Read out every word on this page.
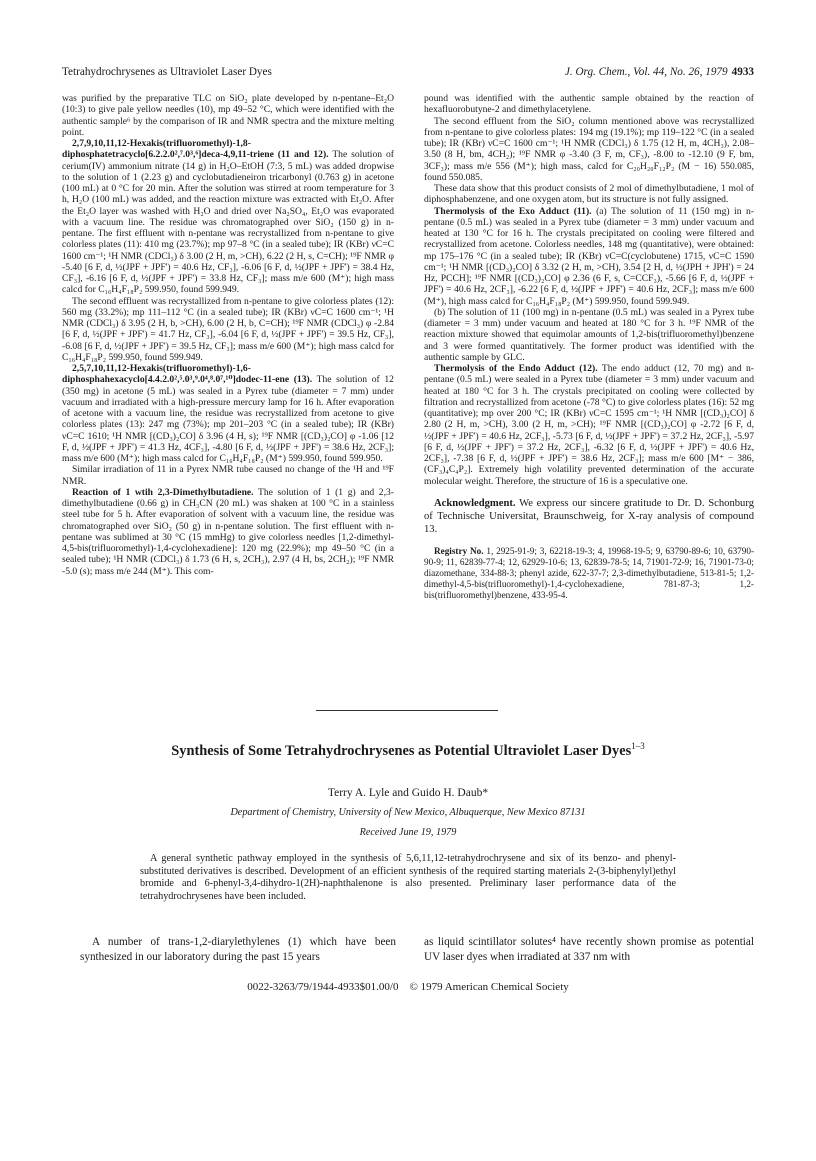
Tetrahydrochrysenes as Ultraviolet Laser Dyes	J. Org. Chem., Vol. 44, No. 26, 1979 4933

was purified by the preparative TLC on SiO₂ plate developed by n-pentane–Et₂O (10:3) to give pale yellow needles (10), mp 49–52 °C, which were identified with the authentic sample⁶ by the comparison of IR and NMR spectra and the mixture melting point.

2,7,9,10,11,12-Hexakis(trifluoromethyl)-1,8-diphosphatetracyclo[6.2.2.0²,⁷.0³,⁶]deca-4,9,11-triene (11 and 12). The solution of cerium(IV) ammonium nitrate (14 g) in H₂O–EtOH (7:3, 5 mL) was added dropwise to the solution of 1 (2.23 g) and cyclobutadieneiron tricarbonyl (0.763 g) in acetone (100 mL) at 0 °C for 20 min. After the solution was stirred at room temperature for 3 h, H₂O (100 mL) was added, and the reaction mixture was extracted with Et₂O. After the Et₂O layer was washed with H₂O and dried over Na₂SO₄, Et₂O was evaporated with a vacuum line. The residue was chromatographed over SiO₂ (150 g) in n-pentane. The first effluent with n-pentane was recrystallized from n-pentane to give colorless plates (11): 410 mg (23.7%); mp 97–8 °C (in a sealed tube); IR (KBr) νC=C 1600 cm⁻¹; ¹H NMR (CDCl₃) δ 3.00 (2 H, m, >CH), 6.22 (2 H, s, C=CH); ¹⁹F NMR φ -5.40 [6 F, d, ½(JPF + JPF') = 40.6 Hz, CF₃], -6.06 [6 F, d, ½(JPF + JPF') = 38.4 Hz, CF₃], -6.16 [6 F, d, ½(JPF + JPF') = 33.8 Hz, CF₃]; mass m/e 600 (M⁺); high mass calcd for C₁₆H₄F₁₈P₂ 599.950, found 599.949.

The second effluent was recrystallized from n-pentane to give colorless plates (12): 560 mg (33.2%); mp 111–112 °C (in a sealed tube); IR (KBr) νC=C 1600 cm⁻¹; ¹H NMR (CDCl₃) δ 3.95 (2 H, b, >CH), 6.00 (2 H, b, C=CH); ¹⁹F NMR (CDCl₃) φ -2.84 [6 F, d, ½(JPF + JPF') = 41.7 Hz, CF₃], -6.04 [6 F, d, ½(JPF + JPF') = 39.5 Hz, CF₃], -6.08 [6 F, d, ½(JPF + JPF') = 39.5 Hz, CF₃]; mass m/e 600 (M⁺); high mass calcd for C₁₆H₄F₁₈P₂ 599.950, found 599.949.

2,5,7,10,11,12-Hexakis(trifluoromethyl)-1,6-diphosphahexacyclo[4.4.2.0²,⁵.0³,⁹.0⁴,⁸.0⁷,¹⁰]dodec-11-ene (13). The solution of 12 (350 mg) in acetone (5 mL) was sealed in a Pyrex tube (diameter = 7 mm) under vacuum and irradiated with a high-pressure mercury lamp for 16 h. After evaporation of acetone with a vacuum line, the residue was recrystallized from acetone to give colorless plates (13): 247 mg (73%); mp 201–203 °C (in a sealed tube); IR (KBr) νC=C 1610; ¹H NMR [(CD₃)₂CO] δ 3.96 (4 H, s); ¹⁹F NMR [(CD₃)₂CO] φ -1.06 [12 F, d, ½(JPF + JPF') = 41.3 Hz, 4CF₃], -4.80 [6 F, d, ½(JPF + JPF') = 38.6 Hz, 2CF₃]; mass m/e 600 (M⁺); high mass calcd for C₁₆H₄F₁₈P₂ (M⁺) 599.950, found 599.950.

Similar irradiation of 11 in a Pyrex NMR tube caused no change of the ¹H and ¹⁹F NMR.

Reaction of 1 wtih 2,3-Dimethylbutadiene. The solution of 1 (1 g) and 2,3-dimethylbutadiene (0.66 g) in CH₃CN (20 mL) was shaken at 100 °C in a stainless steel tube for 5 h. After evaporation of solvent with a vacuum line, the residue was chromatographed over SiO₂ (50 g) in n-pentane solution. The first effluent with n-pentane was sublimed at 30 °C (15 mmHg) to give colorless needles [1,2-dimethyl-4,5-bis(trifluoromethyl)-1,4-cyclohexadiene]: 120 mg (22.9%); mp 49–50 °C (in a sealed tube); ¹H NMR (CDCl₃) δ 1.73 (6 H, s, 2CH₃), 2.97 (4 H, bs, 2CH₂); ¹⁹F NMR -5.0 (s); mass m/e 244 (M⁺). This com-

pound was identified with the authentic sample obtained by the reaction of hexafluorobutyne-2 and dimethylacetylene.

The second effluent from the SiO₂ column mentioned above was recrystallized from n-pentane to give colorless plates: 194 mg (19.1%); mp 119–122 °C (in a sealed tube); IR (KBr) νC=C 1600 cm⁻¹; ¹H NMR (CDCl₃) δ 1.75 (12 H, m, 4CH₃), 2.08–3.50 (8 H, bm, 4CH₂); ¹⁹F NMR φ -3.40 (3 F, m, CF₃), -8.00 to -12.10 (9 F, bm, 3CF₃); mass m/e 556 (M⁺); high mass, calcd for C₂₀H₂₀F₁₂P₂ (M − 16) 550.085, found 550.085.

These data show that this product consists of 2 mol of dimethylbutadiene, 1 mol of diphosphabenzene, and one oxygen atom, but its structure is not fully assigned.

Thermolysis of the Exo Adduct (11). (a) The solution of 11 (150 mg) in n-pentane (0.5 mL) was sealed in a Pyrex tube (diameter = 3 mm) under vacuum and heated at 130 °C for 16 h. The crystals precipitated on cooling were filtered and recrystallized from acetone. Colorless needles, 148 mg (quantitative), were obtained: mp 175–176 °C (in a sealed tube); IR (KBr) νC=C(cyclobutene) 1715, νC=C 1590 cm⁻¹; ¹H NMR [(CD₃)₂CO] δ 3.32 (2 H, m, >CH), 3.54 [2 H, d, ½(JPH + JPH') = 24 Hz, PCCH]; ¹⁹F NMR [(CD₃)₂CO] φ 2.36 (6 F, s, C=CCF₃), -5.66 [6 F, d, ½(JPF + JPF') = 40.6 Hz, 2CF₃], -6.22 [6 F, d, ½(JPF + JPF') = 40.6 Hz, 2CF₃]; mass m/e 600 (M⁺), high mass calcd for C₁₆H₄F₁₈P₂ (M⁺) 599.950, found 599.949.

(b) The solution of 11 (100 mg) in n-pentane (0.5 mL) was sealed in a Pyrex tube (diameter = 3 mm) under vacuum and heated at 180 °C for 3 h. ¹⁹F NMR of the reaction mixture showed that equimolar amounts of 1,2-bis(trifluoromethyl)benzene and 3 were formed quantitatively. The former product was identified with the authentic sample by GLC.

Thermolysis of the Endo Adduct (12). The endo adduct (12, 70 mg) and n-pentane (0.5 mL) were sealed in a Pyrex tube (diameter = 3 mm) under vacuum and heated at 180 °C for 3 h. The crystals precipitated on cooling were collected by filtration and recrystallized from acetone (-78 °C) to give colorless plates (16): 52 mg (quantitative); mp over 200 °C; IR (KBr) νC=C 1595 cm⁻¹; ¹H NMR [(CD₃)₂CO] δ 2.80 (2 H, m, >CH), 3.00 (2 H, m, >CH); ¹⁹F NMR [(CD₃)₂CO] φ -2.72 [6 F, d, ½(JPF + JPF') = 40.6 Hz, 2CF₃], -5.73 [6 F, d, ½(JPF + JPF') = 37.2 Hz, 2CF₃], -5.97 [6 F, d, ½(JPF + JPF') = 37.2 Hz, 2CF₃], -6.32 [6 F, d, ½(JPF + JPF') = 40.6 Hz, 2CF₃], -7.38 [6 F, d, ½(JPF + JPF') = 38.6 Hz, 2CF₃]; mass m/e 600 [M⁺ − 386, (CF₃)₄C₄P₂]. Extremely high volatility prevented determination of the accurate molecular weight. Therefore, the structure of 16 is a speculative one.

Acknowledgment. We express our sincere gratitude to Dr. D. Schonburg of Technische Universitat, Braunschweig, for X-ray analysis of compound 13.

Registry No. 1, 2925-91-9; 3, 62218-19-3; 4, 19968-19-5; 9, 63790-89-6; 10, 63790-90-9; 11, 62839-77-4; 12, 62929-10-6; 13, 62839-78-5; 14, 71901-72-9; 16, 71901-73-0; diazomethane, 334-88-3; phenyl azide, 622-37-7; 2,3-dimethylbutadiene, 513-81-5; 1,2-dimethyl-4,5-bis(trifluoromethyl)-1,4-cyclohexadiene, 781-87-3; 1,2-bis(trifluoromethyl)benzene, 433-95-4.

Synthesis of Some Tetrahydrochrysenes as Potential Ultraviolet Laser Dyes$^{1-3}$
Terry A. Lyle and Guido H. Daub*
Department of Chemistry, University of New Mexico, Albuquerque, New Mexico 87131
Received June 19, 1979
A general synthetic pathway employed in the synthesis of 5,6,11,12-tetrahydrochrysene and six of its benzo- and phenyl-substituted derivatives is described. Development of an efficient synthesis of the required starting materials 2-(3-biphenylyl)ethyl bromide and 6-phenyl-3,4-dihydro-1(2H)-naphthalenone is also presented. Preliminary laser performance data of the tetrahydrochrysenes have been included.
A number of trans-1,2-diarylethylenes (1) which have been synthesized in our laboratory during the past 15 years
as liquid scintillator solutes⁴ have recently shown promise as potential UV laser dyes when irradiated at 337 nm with
0022-3263/79/1944-4933$01.00/0 © 1979 American Chemical Society
